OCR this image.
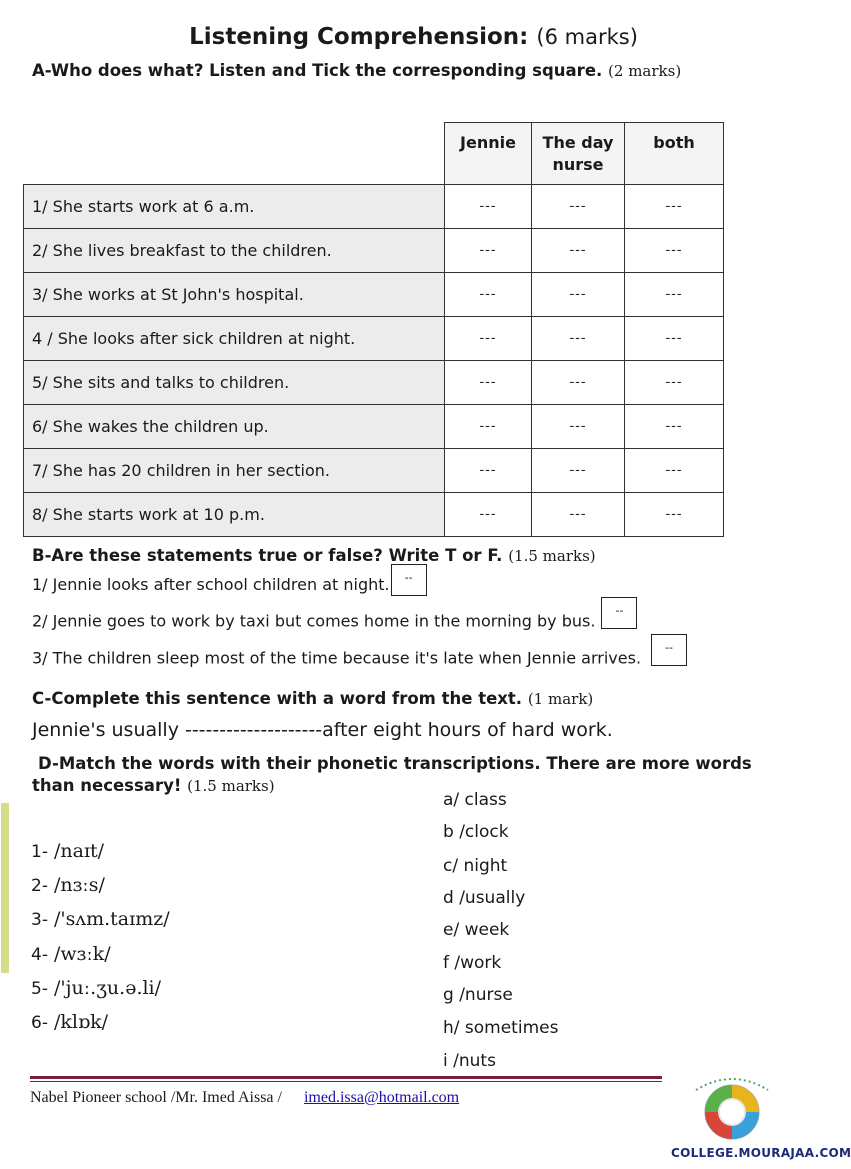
Listening Comprehension: (6 marks)
A-Who does what? Listen and Tick the corresponding square. (2 marks)
	Jennie	The day nurse	both
1/ She starts work at 6 a.m.	---	---	---
2/ She lives breakfast to the children.	---	---	---
3/ She works at St John's hospital.	---	---	---
4 / She looks after sick children at night.	---	---	---
5/ She sits and talks to children.	---	---	---
6/ She wakes the children up.	---	---	---
7/ She has 20 children in her section.	---	---	---
8/ She starts work at 10 p.m.	---	---	---
B-Are these statements true or false? Write T or F. (1.5 marks)
1/ Jennie looks after school children at night. --
2/ Jennie goes to work by taxi but comes home in the morning by bus.--
3/ The children sleep most of the time because it's late when Jennie arrives.--
C-Complete this sentence with a word from the text. (1 mark)
Jennie's usually --------------------after eight hours of hard work.
D-Match the words with their phonetic transcriptions. There are more words than necessary! (1.5 marks)
a/ class
b /clock
c/ night
d /usually
e/ week
f /work
g /nurse
h/ sometimes
i /nuts
1- /naɪt/
2- /nɜːs/
3- /'sʌm.taɪmz/
4- /wɜːk/
5- /'juː.ʒu.ə.li/
6- /klɒk/
Nabel Pioneer school /Mr. Imed Aissa / imed.issa@hotmail.com
COLLEGE.MOURAJAA.COM
